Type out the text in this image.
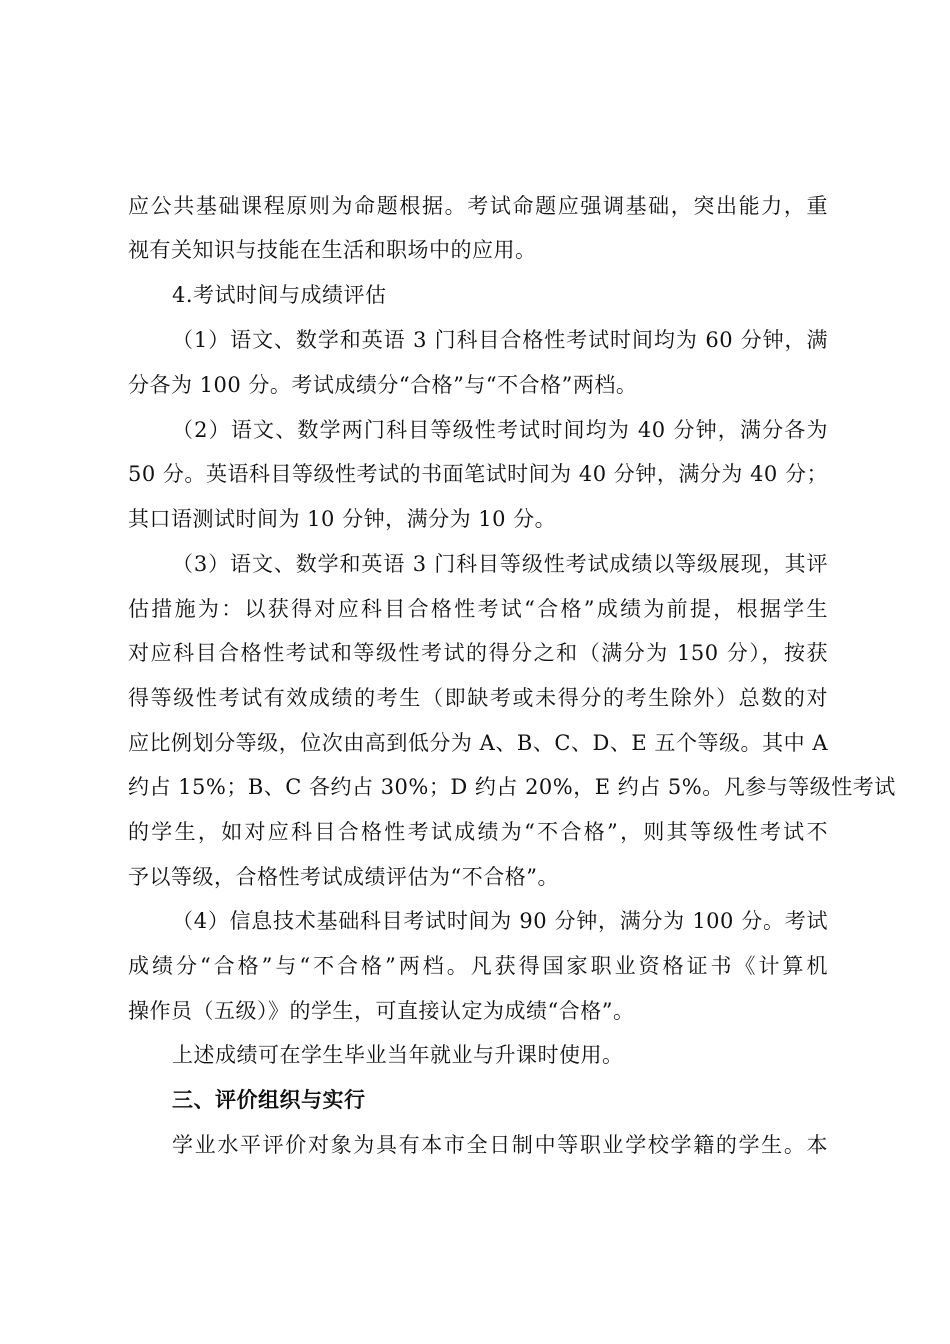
应公共基础课程原则为命题根据。考试命题应强调基础，突出能力，重
视有关知识与技能在生活和职场中的应用。
4.考试时间与成绩评估
（1）语文、数学和英语 3 门科目合格性考试时间均为 60 分钟，满
分各为 100 分。考试成绩分“合格”与“不合格”两档。
（2）语文、数学两门科目等级性考试时间均为 40 分钟，满分各为
50 分。英语科目等级性考试的书面笔试时间为 40 分钟，满分为 40 分；
其口语测试时间为 10 分钟，满分为 10 分。
（3）语文、数学和英语 3 门科目等级性考试成绩以等级展现，其评
估措施为：以获得对应科目合格性考试“合格”成绩为前提，根据学生
对应科目合格性考试和等级性考试的得分之和（满分为 150 分），按获
得等级性考试有效成绩的考生（即缺考或未得分的考生除外）总数的对
应比例划分等级，位次由高到低分为 A、B、C、D、E 五个等级。其中 A
约占 15%；B、C 各约占 30%；D 约占 20%，E 约占 5%。凡参与等级性考试
的学生，如对应科目合格性考试成绩为“不合格”，则其等级性考试不
予以等级，合格性考试成绩评估为“不合格”。
（4）信息技术基础科目考试时间为 90 分钟，满分为 100 分。考试
成绩分“合格”与“不合格”两档。凡获得国家职业资格证书《计算机
操作员（五级）》的学生，可直接认定为成绩“合格”。
上述成绩可在学生毕业当年就业与升课时使用。
三、评价组织与实行
学业水平评价对象为具有本市全日制中等职业学校学籍的学生。本
